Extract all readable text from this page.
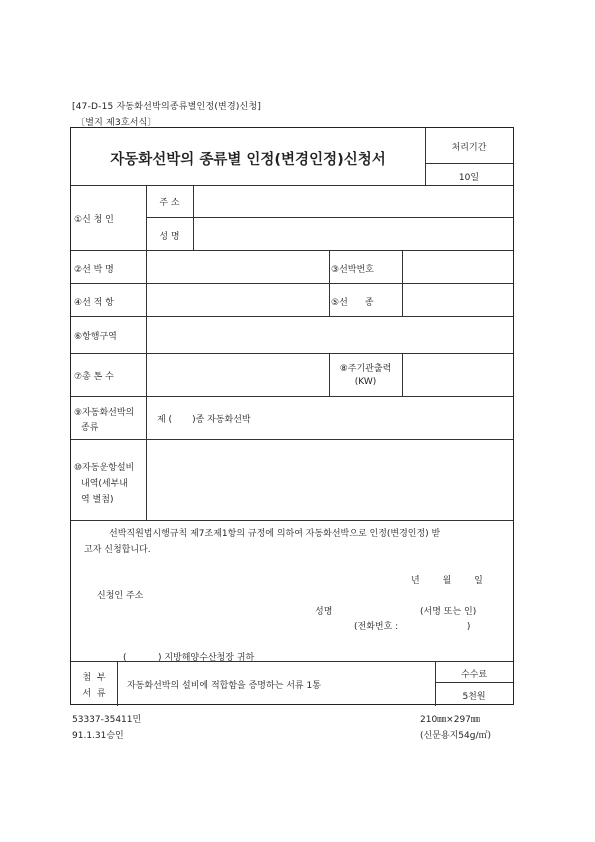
[47-D-15 자동화선박의종류별인정(변경)신청]
〔별지 제3호서식〕
자동화선박의 종류별 인정(변경인정)신청서
처리기간
10일
①신 청 인
주 소
성 명
②선 박 명	③선박번호
④선 적 항	⑤선      종
⑥항행구역
⑦총 톤 수
⑧주기관출력
(KW)
⑨자동화선박의
종류
제 (       )종 자동화선박
⑩자동운항설비
내역(세부내
역 별첨)
선박직원법시행규칙 제7조제1항의 규정에 의하여 자동화선박으로 인정(변경인정) 받
고자 신청합니다.
년        월        일
신청인 주소
성명	(서명 또는 인)
(전화번호 :                        )
(           ) 지방해양수산청장 귀하
첨  부
서  류
자동화선박의 설비에 적합함을 증명하는 서류 1통
수수료
5천원
53337-35411민
91.1.31승인
210㎜×297㎜
(신문용지54g/㎡)
